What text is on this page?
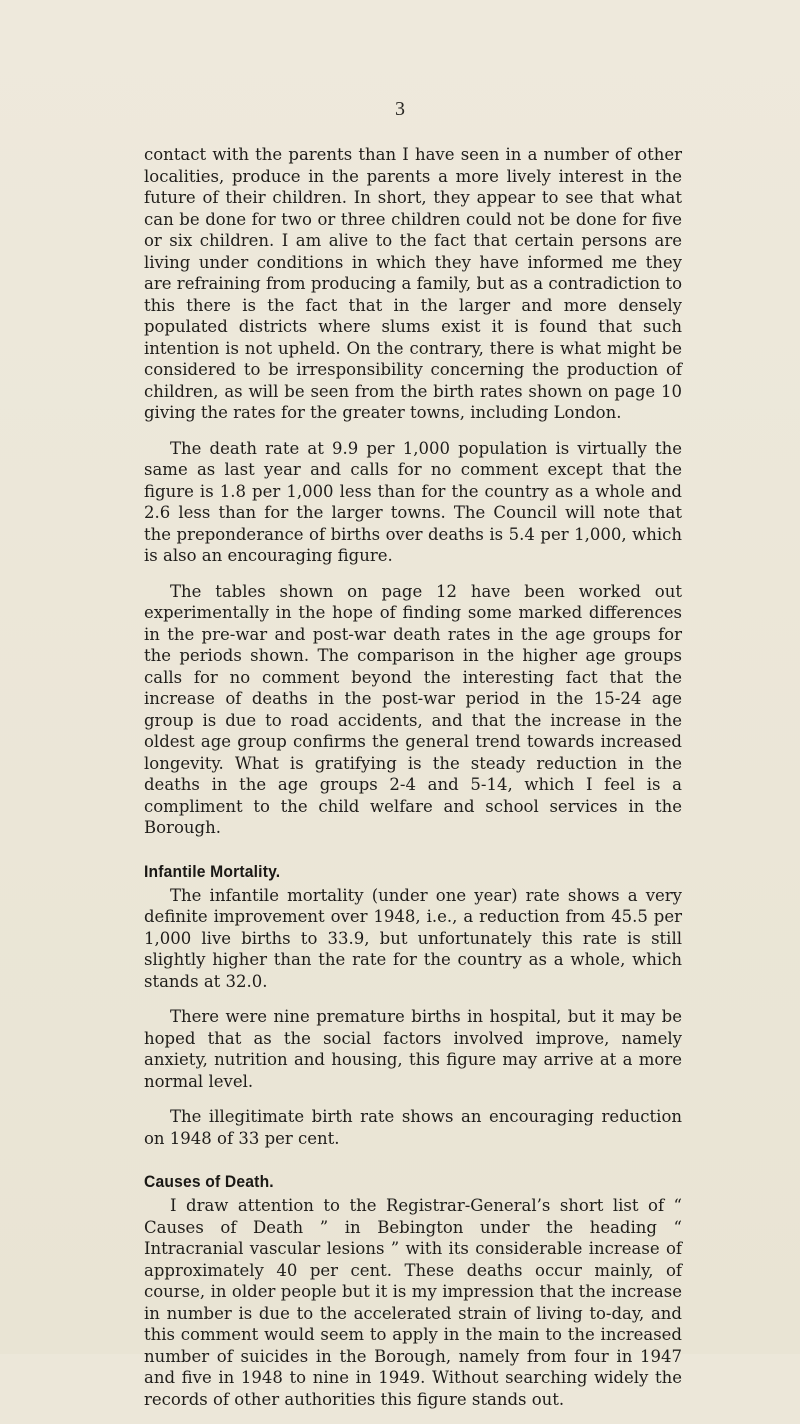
3

contact with the parents than I have seen in a number of other localities, produce in the parents a more lively interest in the future of their children. In short, they appear to see that what can be done for two or three children could not be done for five or six children. I am alive to the fact that certain persons are living under conditions in which they have informed me they are refraining from producing a family, but as a contradiction to this there is the fact that in the larger and more densely populated districts where slums exist it is found that such intention is not upheld. On the contrary, there is what might be considered to be irresponsibility concerning the production of children, as will be seen from the birth rates shown on page 10 giving the rates for the greater towns, including London.

The death rate at 9.9 per 1,000 population is virtually the same as last year and calls for no comment except that the figure is 1.8 per 1,000 less than for the country as a whole and 2.6 less than for the larger towns. The Council will note that the preponderance of births over deaths is 5.4 per 1,000, which is also an encouraging figure.

The tables shown on page 12 have been worked out experimentally in the hope of finding some marked differences in the pre-war and post-war death rates in the age groups for the periods shown. The comparison in the higher age groups calls for no comment beyond the interesting fact that the increase of deaths in the post-war period in the 15-24 age group is due to road accidents, and that the increase in the oldest age group confirms the general trend towards increased longevity. What is gratifying is the steady reduction in the deaths in the age groups 2-4 and 5-14, which I feel is a compliment to the child welfare and school services in the Borough.

Infantile Mortality.

The infantile mortality (under one year) rate shows a very definite improvement over 1948, i.e., a reduction from 45.5 per 1,000 live births to 33.9, but unfortunately this rate is still slightly higher than the rate for the country as a whole, which stands at 32.0.

There were nine premature births in hospital, but it may be hoped that as the social factors involved improve, namely anxiety, nutrition and housing, this figure may arrive at a more normal level.

The illegitimate birth rate shows an encouraging reduction on 1948 of 33 per cent.

Causes of Death.

I draw attention to the Registrar-General’s short list of “ Causes of Death ” in Bebington under the heading “ Intracranial vascular lesions ” with its considerable increase of approximately 40 per cent. These deaths occur mainly, of course, in older people but it is my impression that the increase in number is due to the accelerated strain of living to-day, and this comment would seem to apply in the main to the increased number of suicides in the Borough, namely from four in 1947 and five in 1948 to nine in 1949. Without searching widely the records of other authorities this figure stands out.
